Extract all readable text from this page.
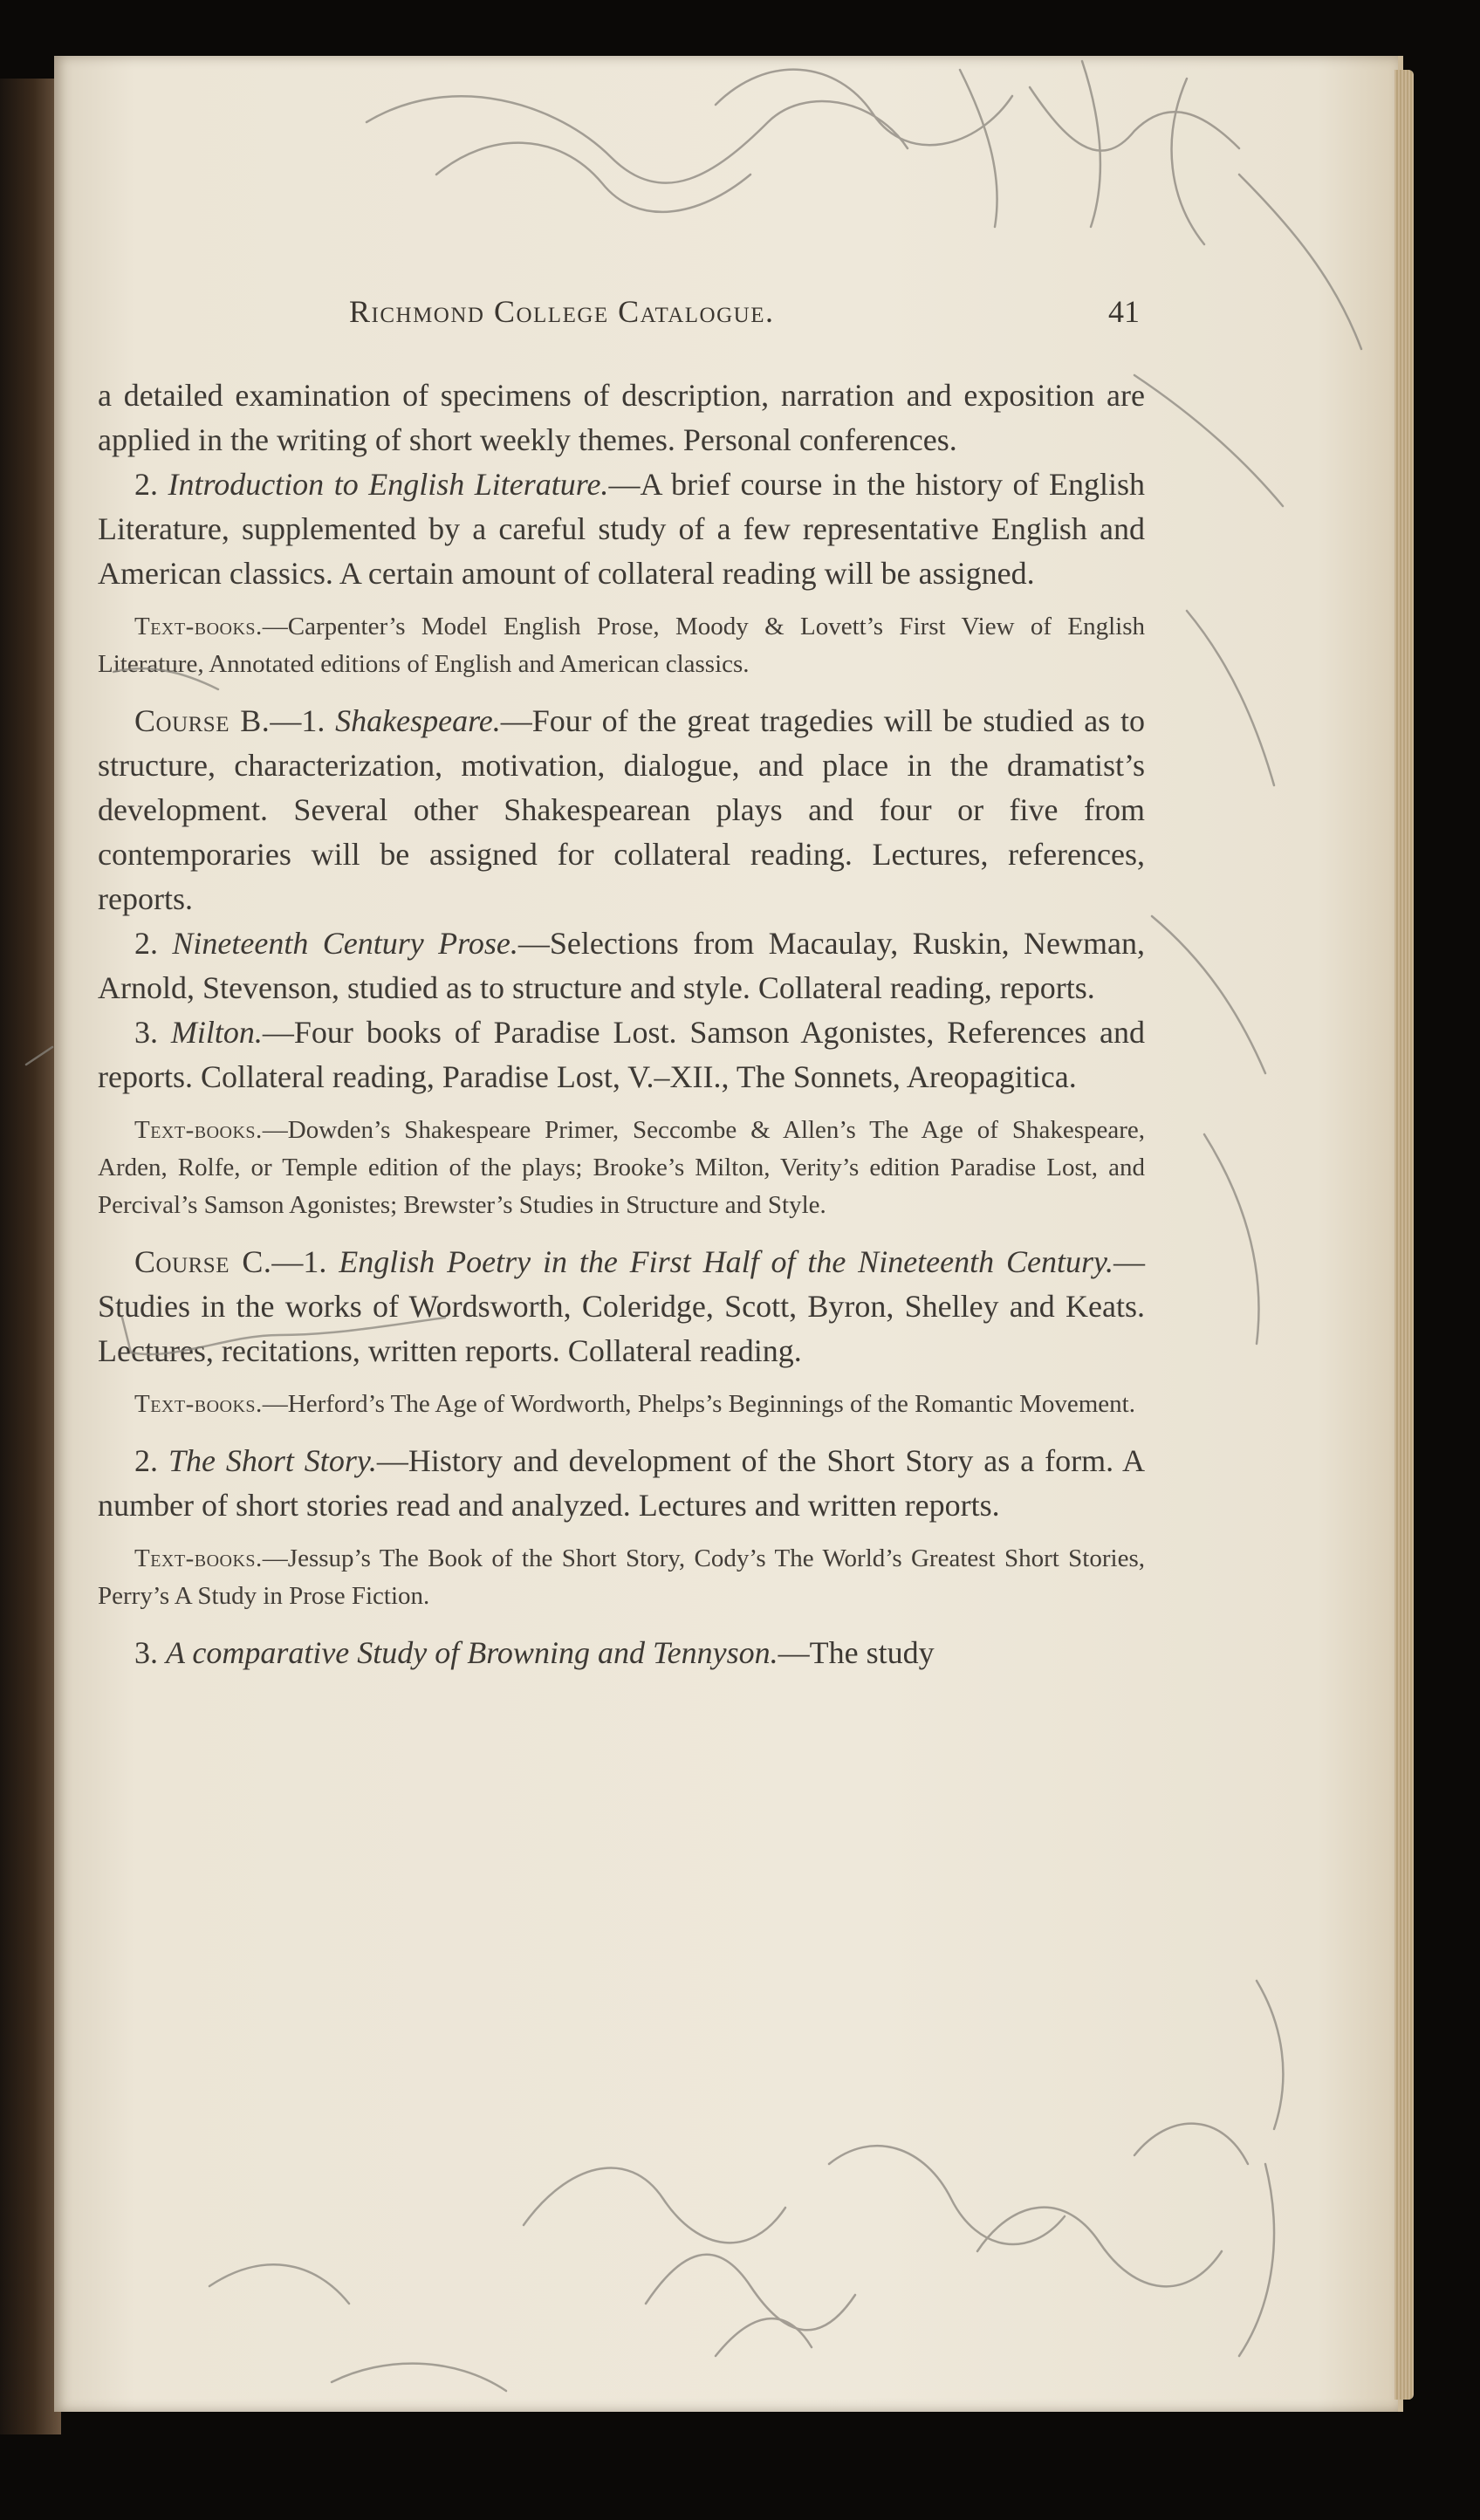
Richmond College Catalogue.	41

a detailed examination of specimens of description, narration and exposition are applied in the writing of short weekly themes. Personal conferences.

2. Introduction to English Literature.—A brief course in the history of English Literature, supplemented by a careful study of a few representative English and American classics. A certain amount of collateral reading will be assigned.

Text-books.—Carpenter’s Model English Prose, Moody & Lovett’s First View of English Literature, Annotated editions of English and American classics.

Course B.—1. Shakespeare.—Four of the great tragedies will be studied as to structure, characterization, motivation, dialogue, and place in the dramatist’s development. Several other Shakespearean plays and four or five from contemporaries will be assigned for collateral reading. Lectures, references, reports.

2. Nineteenth Century Prose.—Selections from Macaulay, Ruskin, Newman, Arnold, Stevenson, studied as to structure and style. Collateral reading, reports.

3. Milton.—Four books of Paradise Lost. Samson Agonistes, References and reports. Collateral reading, Paradise Lost, V.–XII., The Sonnets, Areopagitica.

Text-books.—Dowden’s Shakespeare Primer, Seccombe & Allen’s The Age of Shakespeare, Arden, Rolfe, or Temple edition of the plays; Brooke’s Milton, Verity’s edition Paradise Lost, and Percival’s Samson Agonistes; Brewster’s Studies in Structure and Style.

Course C.—1. English Poetry in the First Half of the Nineteenth Century.—Studies in the works of Wordsworth, Coleridge, Scott, Byron, Shelley and Keats. Lectures, recitations, written reports. Collateral reading.

Text-books.—Herford’s The Age of Wordworth, Phelps’s Beginnings of the Romantic Movement.

2. The Short Story.—History and development of the Short Story as a form. A number of short stories read and analyzed. Lectures and written reports.

Text-books.—Jessup’s The Book of the Short Story, Cody’s The World’s Greatest Short Stories, Perry’s A Study in Prose Fiction.

3. A comparative Study of Browning and Tennyson.—The study
